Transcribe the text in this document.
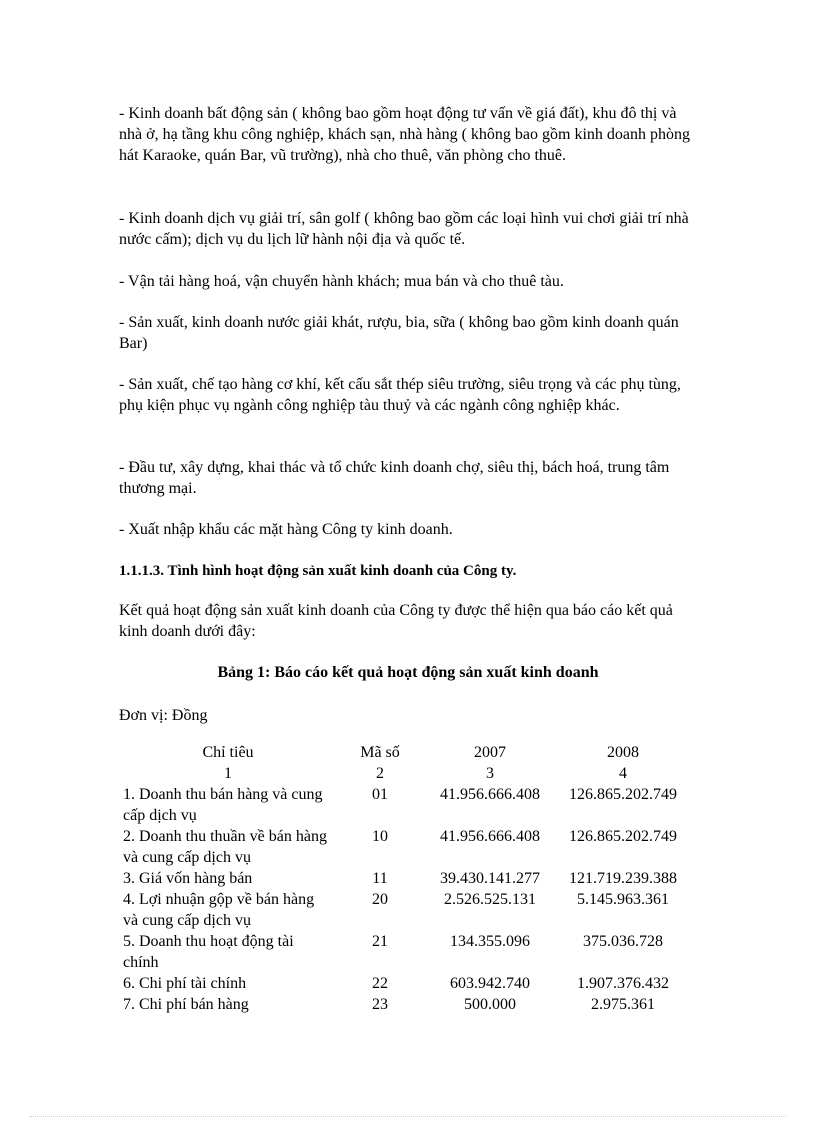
- Kinh doanh bất động sản ( không bao gồm hoạt động tư vấn về giá đất), khu đô thị và nhà ở, hạ tầng khu công nghiệp, khách sạn, nhà hàng ( không bao gồm kinh doanh phòng hát Karaoke, quán Bar, vũ trường), nhà cho thuê, văn phòng cho thuê.

- Kinh doanh dịch vụ giải trí, sân golf ( không bao gồm các loại hình vui chơi giải trí nhà nước cấm); dịch vụ du lịch lữ hành nội địa và quốc tế.

- Vận tải hàng hoá, vận chuyển hành khách; mua bán và cho thuê tàu.

- Sản xuất, kinh doanh nước giải khát, rượu, bia, sữa ( không bao gồm kinh doanh quán Bar)

- Sản xuất, chế tạo hàng cơ khí, kết cấu sắt thép siêu trường, siêu trọng và các phụ tùng, phụ kiện phục vụ ngành công nghiệp tàu thuỷ và các ngành công nghiệp khác.

- Đầu tư, xây dựng, khai thác và tổ chức kinh doanh chợ, siêu thị, bách hoá, trung tâm thương mại.

- Xuất nhập khẩu các mặt hàng Công ty kinh doanh.

1.1.1.3. Tình hình hoạt động sản xuất kinh doanh của Công ty.

Kết quả hoạt động sản xuất kinh doanh của Công ty được thể hiện qua báo cáo kết quả kinh doanh dưới đây:

Bảng 1: Báo cáo kết quả hoạt động sản xuất kinh doanh

Đơn vị: Đồng

Chỉ tiêu	Mã số	2007	2008
1	2	3	4
1. Doanh thu bán hàng và cung cấp dịch vụ	01	41.956.666.408	126.865.202.749
2. Doanh thu thuần về bán hàng và cung cấp dịch vụ	10	41.956.666.408	126.865.202.749
3. Giá vốn hàng bán	11	39.430.141.277	121.719.239.388
4. Lợi nhuận gộp về bán hàng và cung cấp dịch vụ	20	2.526.525.131	5.145.963.361
5. Doanh thu hoạt động tài chính	21	134.355.096	375.036.728
6. Chi phí tài chính	22	603.942.740	1.907.376.432
7. Chi phí bán hàng	23	500.000	2.975.361
